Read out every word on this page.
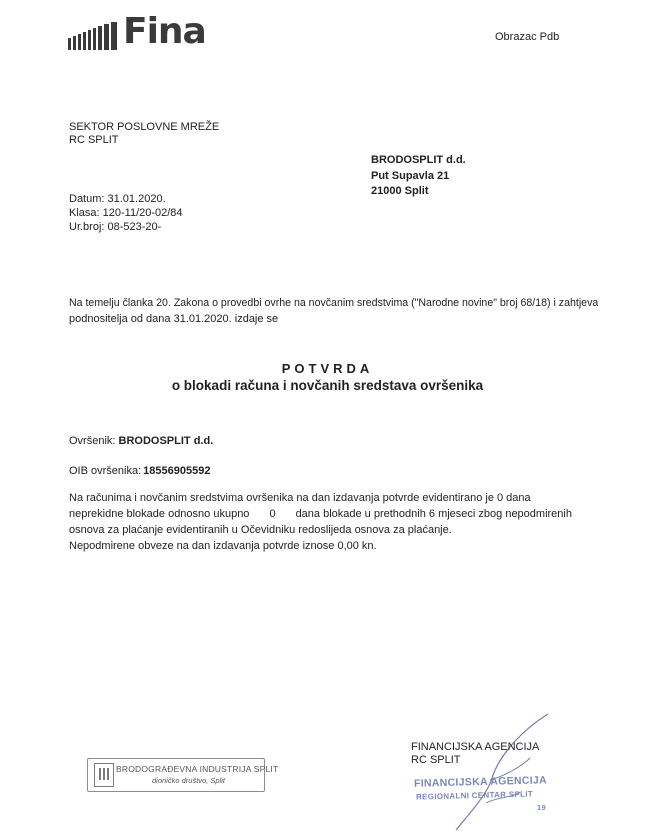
Fina	Obrazac Pdb
SEKTOR POSLOVNE MREŽE
RC SPLIT
BRODOSPLIT d.d.
Put Supavla 21
21000 Split
Datum: 31.01.2020.
Klasa: 120-11/20-02/84
Ur.broj: 08-523-20-
Na temelju članka 20. Zakona o provedbi ovrhe na novčanim sredstvima ("Narodne novine" broj 68/18) i zahtjeva
podnositelja od dana 31.01.2020. izdaje se
POTVRDA
o blokadi računa i novčanih sredstava ovršenika
Ovršenik: BRODOSPLIT d.d.
OIB ovršenika: 18556905592
Na računima i novčanim sredstvima ovršenika na dan izdavanja potvrde evidentirano je 0 dana
neprekidne blokade odnosno ukupno 0 dana blokade u prethodnih 6 mjeseci zbog nepodmirenih
osnova za plaćanje evidentiranih u Očevidniku redoslijeda osnova za plaćanje.
Nepodmirene obveze na dan izdavanja potvrde iznose 0,00 kn.
FINANCIJSKA AGENCIJA
RC SPLIT
FINANCIJSKA AGENCIJA
REGIONALNI CENTAR SPLIT
19
BRODOGRAĐEVNA INDUSTRIJA SPLIT
dioničko društvo, Split
